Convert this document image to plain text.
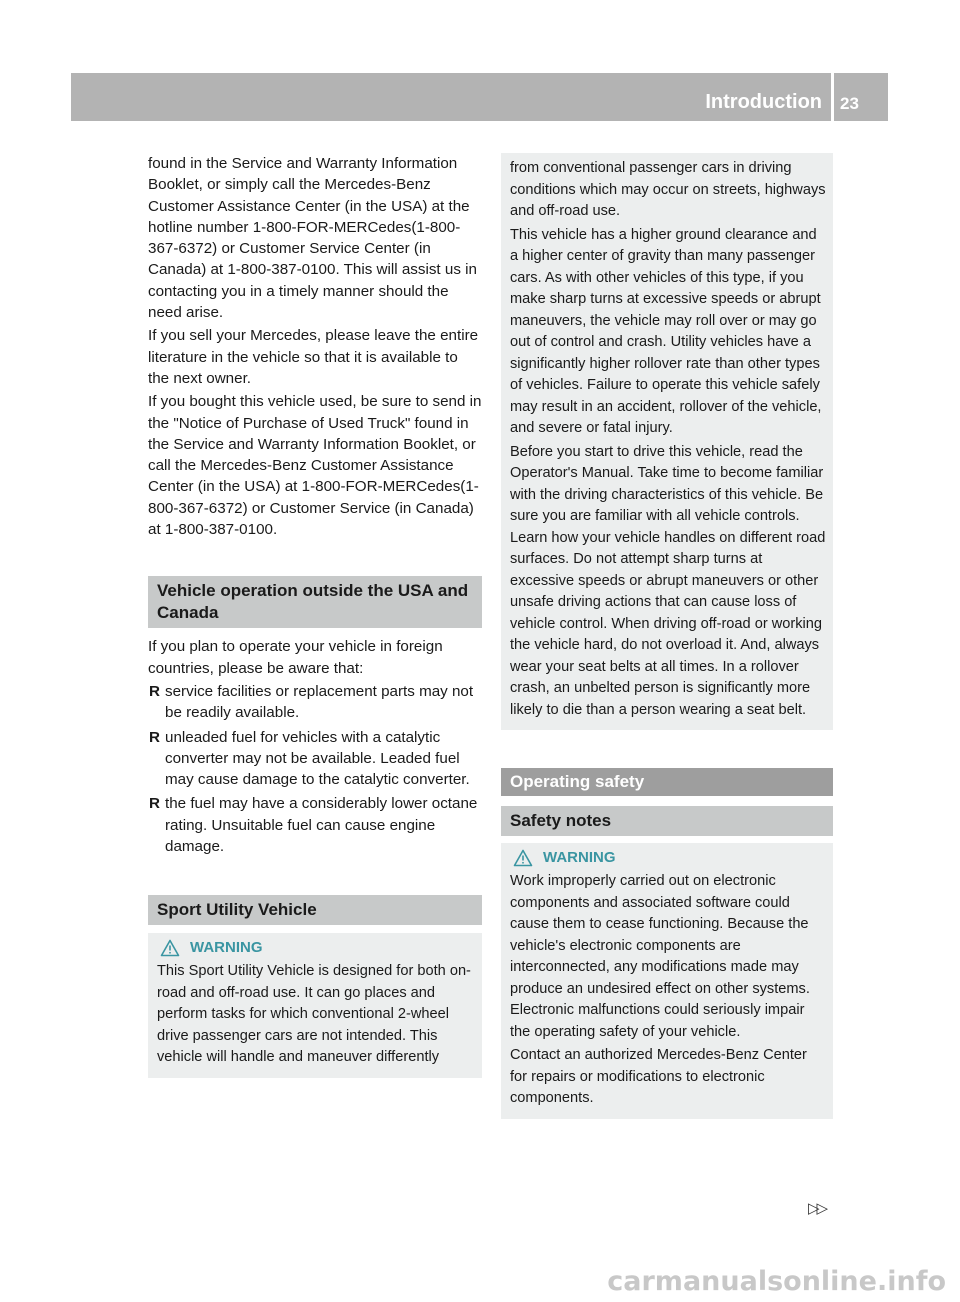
Introduction 23

found in the Service and Warranty Information Booklet, or simply call the Mercedes-Benz Customer Assistance Center (in the USA) at the hotline number 1-800-FOR-MERCedes(1-800-367-6372) or Customer Service Center (in Canada) at 1-800-387-0100. This will assist us in contacting you in a timely manner should the need arise.

If you sell your Mercedes, please leave the entire literature in the vehicle so that it is available to the next owner.

If you bought this vehicle used, be sure to send in the "Notice of Purchase of Used Truck" found in the Service and Warranty Information Booklet, or call the Mercedes-Benz Customer Assistance Center (in the USA) at 1-800-FOR-MERCedes(1-800-367-6372) or Customer Service (in Canada) at 1-800-387-0100.

Vehicle operation outside the USA and Canada

If you plan to operate your vehicle in foreign countries, please be aware that:

R service facilities or replacement parts may not be readily available.
R unleaded fuel for vehicles with a catalytic converter may not be available. Leaded fuel may cause damage to the catalytic converter.
R the fuel may have a considerably lower octane rating. Unsuitable fuel can cause engine damage.
Sport Utility Vehicle
WARNING

This Sport Utility Vehicle is designed for both on-road and off-road use. It can go places and perform tasks for which conventional 2-wheel drive passenger cars are not intended. This vehicle will handle and maneuver differently

from conventional passenger cars in driving conditions which may occur on streets, highways and off-road use.

This vehicle has a higher ground clearance and a higher center of gravity than many passenger cars. As with other vehicles of this type, if you make sharp turns at excessive speeds or abrupt maneuvers, the vehicle may roll over or may go out of control and crash. Utility vehicles have a significantly higher rollover rate than other types of vehicles. Failure to operate this vehicle safely may result in an accident, rollover of the vehicle, and severe or fatal injury.

Before you start to drive this vehicle, read the Operator's Manual. Take time to become familiar with the driving characteristics of this vehicle. Be sure you are familiar with all vehicle controls. Learn how your vehicle handles on different road surfaces. Do not attempt sharp turns at excessive speeds or abrupt maneuvers or other unsafe driving actions that can cause loss of vehicle control. When driving off-road or working the vehicle hard, do not overload it. And, always wear your seat belts at all times. In a rollover crash, an unbelted person is significantly more likely to die than a person wearing a seat belt.

Operating safety
Safety notes
WARNING

Work improperly carried out on electronic components and associated software could cause them to cease functioning. Because the vehicle's electronic components are interconnected, any modifications made may produce an undesired effect on other systems. Electronic malfunctions could seriously impair the operating safety of your vehicle.

Contact an authorized Mercedes-Benz Center for repairs or modifications to electronic components.

▷▷
carmanualsonline.info
